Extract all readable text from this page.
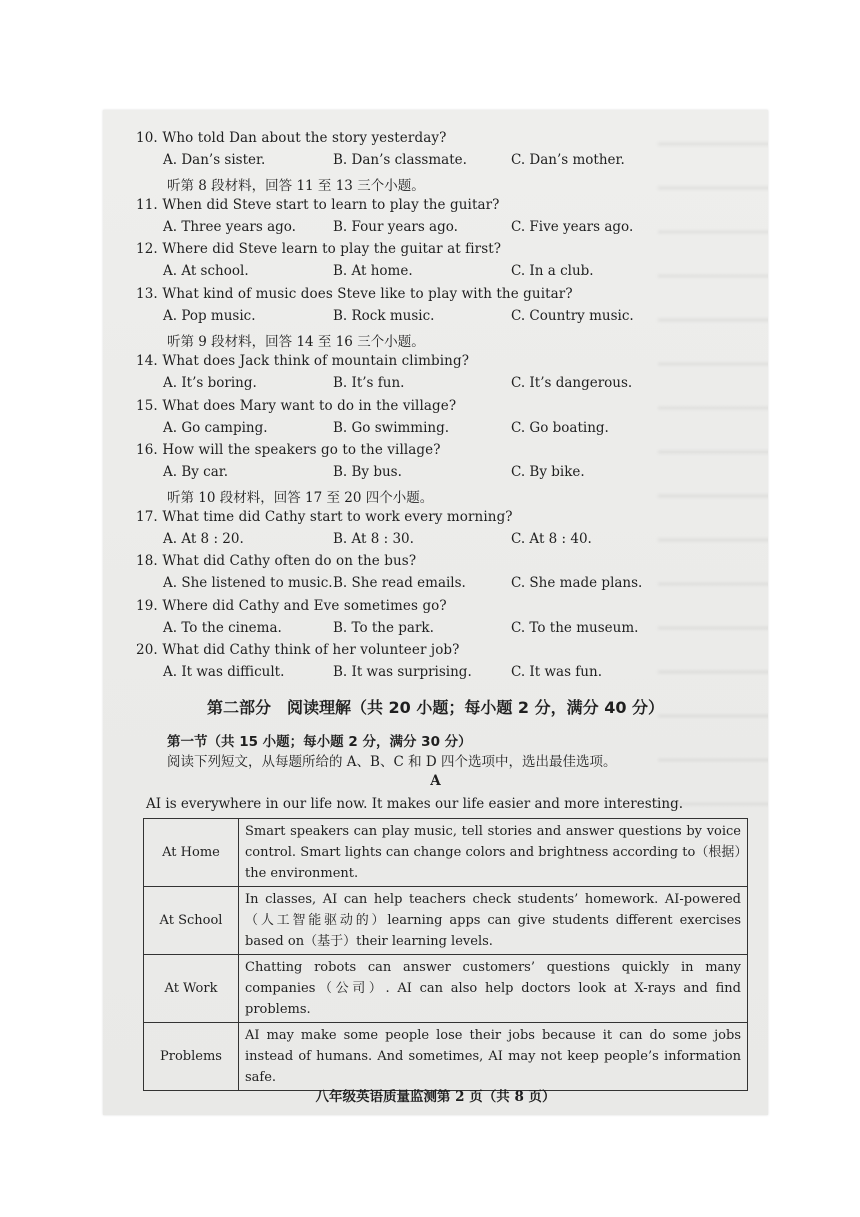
10. Who told Dan about the story yesterday?
A. Dan’s sister.	B. Dan’s classmate.	C. Dan’s mother.
听第 8 段材料，回答 11 至 13 三个小题。
11. When did Steve start to learn to play the guitar?
A. Three years ago.	B. Four years ago.	C. Five years ago.
12. Where did Steve learn to play the guitar at first?
A. At school.	B. At home.	C. In a club.
13. What kind of music does Steve like to play with the guitar?
A. Pop music.	B. Rock music.	C. Country music.
听第 9 段材料，回答 14 至 16 三个小题。
14. What does Jack think of mountain climbing?
A. It’s boring.	B. It’s fun.	C. It’s dangerous.
15. What does Mary want to do in the village?
A. Go camping.	B. Go swimming.	C. Go boating.
16. How will the speakers go to the village?
A. By car.	B. By bus.	C. By bike.
听第 10 段材料，回答 17 至 20 四个小题。
17. What time did Cathy start to work every morning?
A. At 8 : 20.	B. At 8 : 30.	C. At 8 : 40.
18. What did Cathy often do on the bus?
A. She listened to music. B. She read emails.	C. She made plans.
19. Where did Cathy and Eve sometimes go?
A. To the cinema.	B. To the park.	C. To the museum.
20. What did Cathy think of her volunteer job?
A. It was difficult.	B. It was surprising.	C. It was fun.
第二部分　阅读理解（共 20 小题；每小题 2 分，满分 40 分）
第一节（共 15 小题；每小题 2 分，满分 30 分）
阅读下列短文，从每题所给的 A、B、C 和 D 四个选项中，选出最佳选项。
A
AI is everywhere in our life now. It makes our life easier and more interesting.
At Home	Smart speakers can play music, tell stories and answer questions by voice control. Smart lights can change colors and brightness according to（根据）the environment.
At School	In classes, AI can help teachers check students’ homework. AI-powered（人工智能驱动的）learning apps can give students different exercises based on（基于）their learning levels.
At Work	Chatting robots can answer customers’ questions quickly in many companies（公司）. AI can also help doctors look at X-rays and find problems.
Problems	AI may make some people lose their jobs because it can do some jobs instead of humans. And sometimes, AI may not keep people’s information safe.
八年级英语质量监测第 2 页（共 8 页）
